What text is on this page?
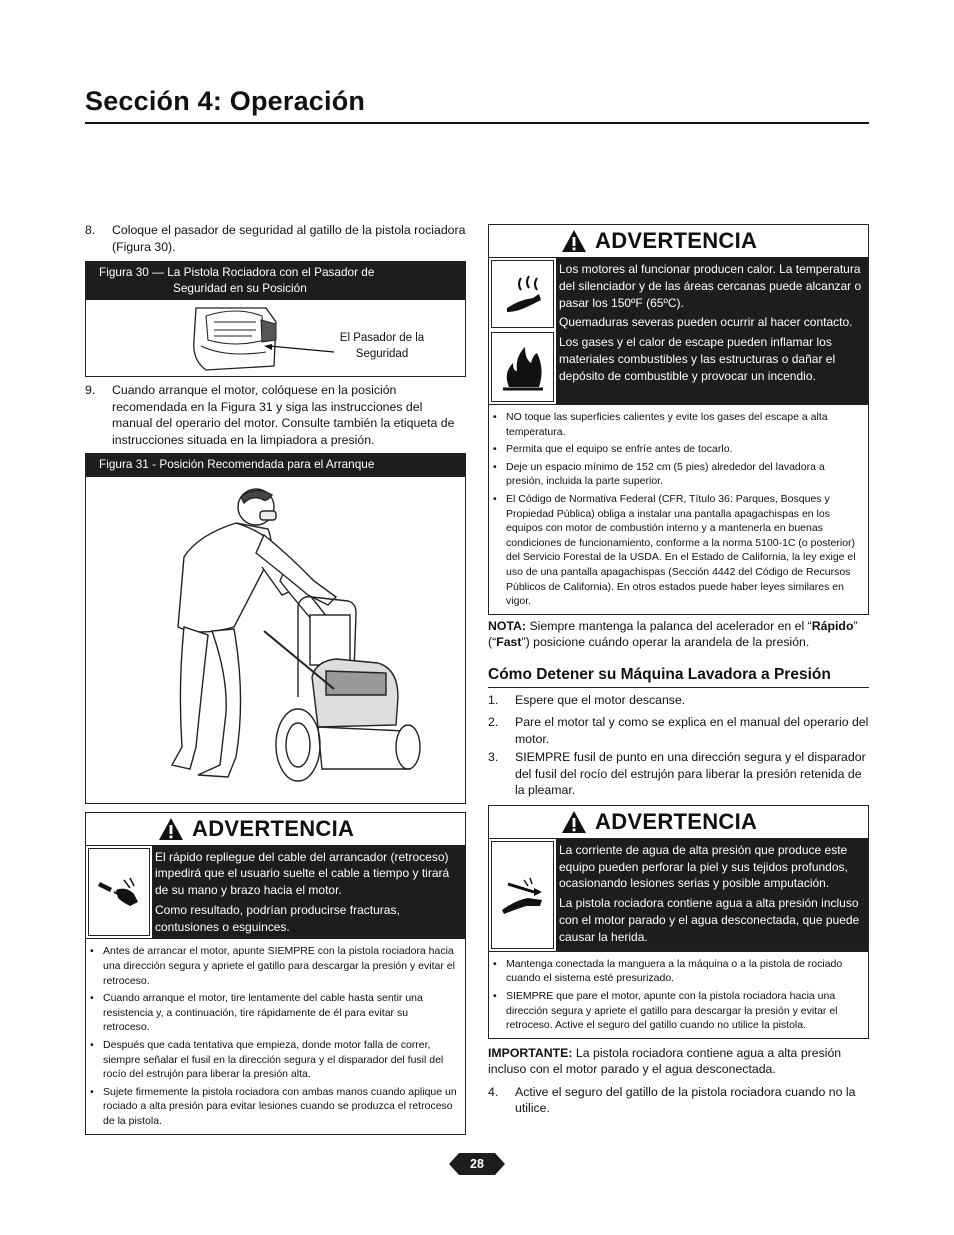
Sección 4: Operación
8.	Coloque el pasador de seguridad al gatillo de la pistola rociadora (Figura 30).
Figura 30 — La Pistola Rociadora con el Pasador de
Seguridad en su Posición
El Pasador de la
Seguridad
9.	Cuando arranque el motor, colóquese en la posición recomendada en la Figura 31 y siga las instrucciones del manual del operario del motor. Consulte también la etiqueta de instrucciones situada en la limpiadora a presión.
Figura 31 - Posición Recomendada para el Arranque
ADVERTENCIA

El rápido repliegue del cable del arrancador (retroceso) impedirá que el usuario suelte el cable a tiempo y tirará de su mano y brazo hacia el motor.

Como resultado, podrían producirse fracturas, contusiones o esguinces.

• Antes de arrancar el motor, apunte SIEMPRE con la pistola rociadora hacia una dirección segura y apriete el gatillo para descargar la presión y evitar el retroceso.
• Cuando arranque el motor, tire lentamente del cable hasta sentir una resistencia y, a continuación, tire rápidamente de él para evitar su retroceso.
• Después que cada tentativa que empieza, donde motor falla de correr, siempre señalar el fusil en la dirección segura y el disparador del fusil del rocío del estrujón para liberar la presión alta.
• Sujete firmemente la pistola rociadora con ambas manos cuando aplique un rociado a alta presión para evitar lesiones cuando se produzca el retroceso de la pistola.
ADVERTENCIA

Los motores al funcionar producen calor. La temperatura del silenciador y de las áreas cercanas puede alcanzar o pasar los 150ºF (65ºC).

Quemaduras severas pueden ocurrir al hacer contacto.

Los gases y el calor de escape pueden inflamar los materiales combustibles y las estructuras o dañar el depósito de combustible y provocar un incendio.

• NO toque las superficies calientes y evite los gases del escape a alta temperatura.
• Permita que el equipo se enfríe antes de tocarlo.
• Deje un espacio mínimo de 152 cm (5 pies) alrededor del lavadora a presión, incluida la parte superior.
• El Código de Normativa Federal (CFR, Título 36: Parques, Bosques y Propiedad Pública) obliga a instalar una pantalla apagachispas en los equipos con motor de combustión interno y a mantenerla en buenas condiciones de funcionamiento, conforme a la norma 5100-1C (o posterior) del Servicio Forestal de la USDA. En el Estado de California, la ley exige el uso de una pantalla apagachispas (Sección 4442 del Código de Recursos Públicos de California). En otros estados puede haber leyes similares en vigor.

NOTA: Siempre mantenga la palanca del acelerador en el “Rápido” (“Fast”) posicione cuándo operar la arandela de la presión.

Cómo Detener su Máquina Lavadora a Presión
1.	Espere que el motor descanse.
2.	Pare el motor tal y como se explica en el manual del operario del motor.
3.	SIEMPRE fusil de punto en una dirección segura y el disparador del fusil del rocío del estrujón para liberar la presión retenida de la pleamar.
ADVERTENCIA

La corriente de agua de alta presión que produce este equipo pueden perforar la piel y sus tejidos profundos, ocasionando lesiones serias y posible amputación.

La pistola rociadora contiene agua a alta presión incluso con el motor parado y el agua desconectada, que puede causar la herida.

• Mantenga conectada la manguera a la máquina o a la pistola de rociado cuando el sistema esté presurizado.
• SIEMPRE que pare el motor, apunte con la pistola rociadora hacia una dirección segura y apriete el gatillo para descargar la presión y evitar el retroceso. Active el seguro del gatillo cuando no utilice la pistola.

IMPORTANTE: La pistola rociadora contiene agua a alta presión incluso con el motor parado y el agua desconectada.

4.	Active el seguro del gatillo de la pistola rociadora cuando no la utilice.
28
